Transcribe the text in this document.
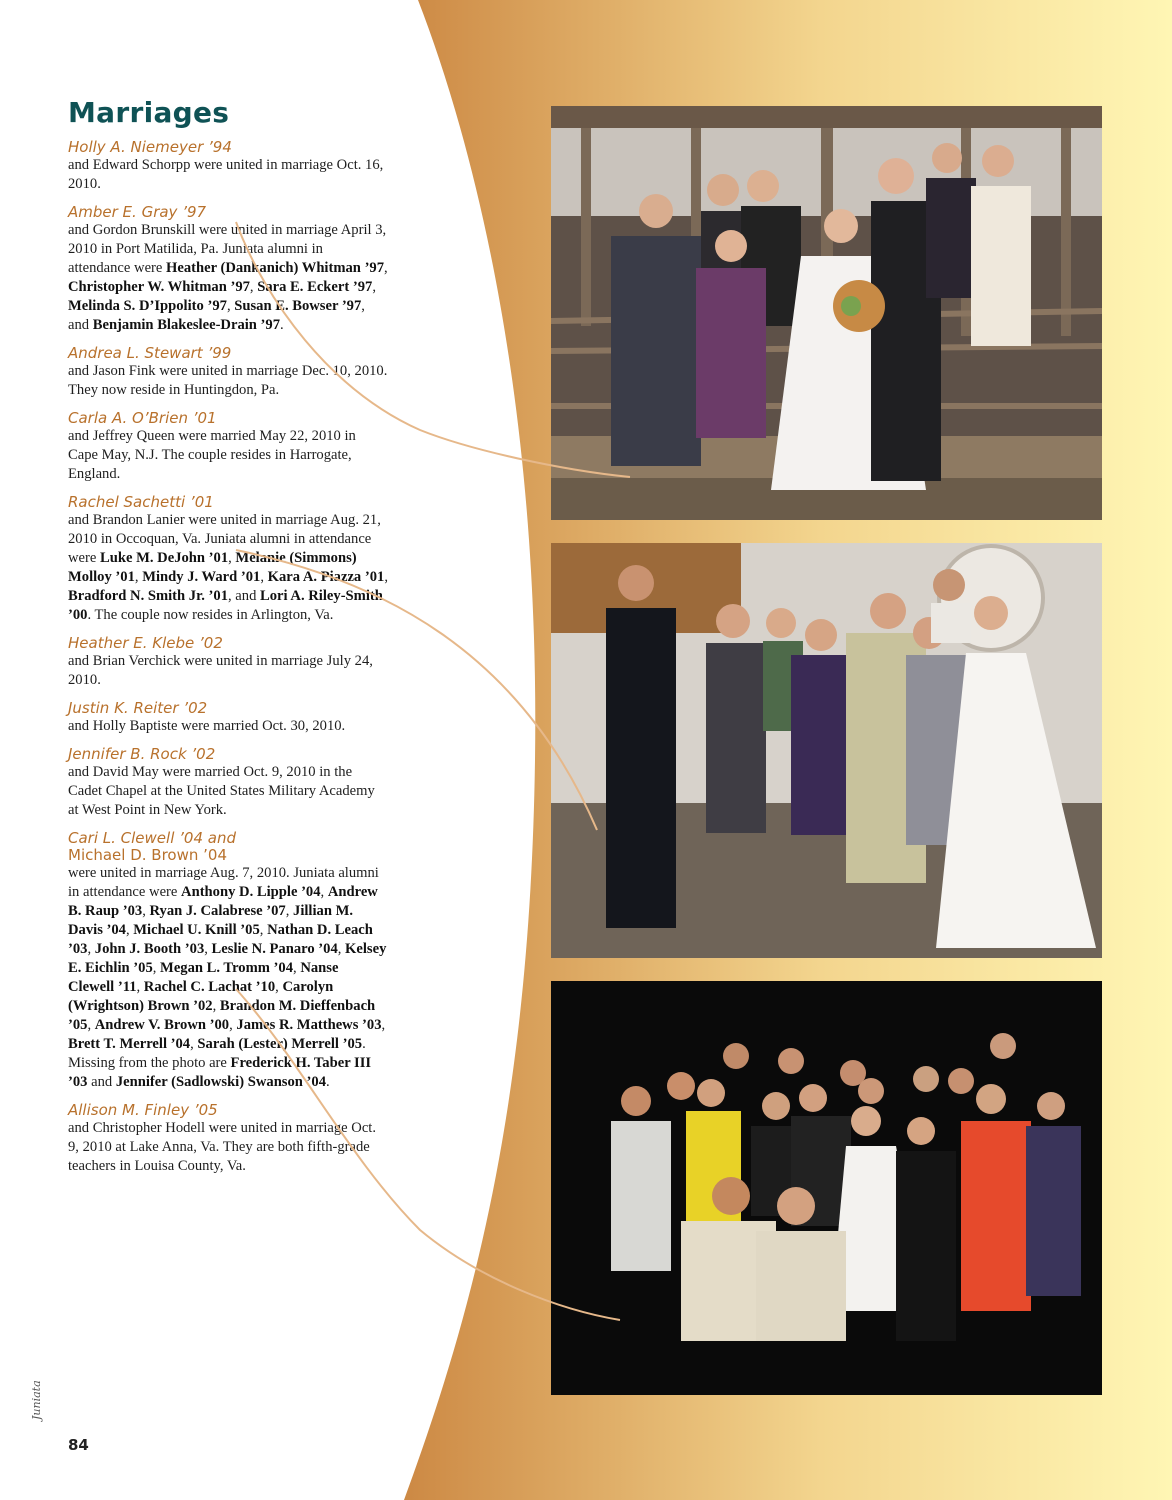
Marriages
Holly A. Niemeyer ’94
and Edward Schorpp were united in marriage Oct. 16, 2010.
Amber E. Gray ’97
and Gordon Brunskill were united in marriage April 3, 2010 in Port Matilida, Pa. Juniata alumni in attendance were Heather (Dankanich) Whitman ’97, Christopher W. Whitman ’97, Sara E. Eckert ’97, Melinda S. D’Ippolito ’97, Susan E. Bowser ’97, and Benjamin Blakeslee-Drain ’97.
Andrea L. Stewart ’99
and Jason Fink were united in marriage Dec. 10, 2010. They now reside in Huntingdon, Pa.
Carla A. O’Brien ’01
and Jeffrey Queen were married May 22, 2010 in Cape May, N.J. The couple resides in Harrogate, England.
Rachel Sachetti ’01
and Brandon Lanier were united in marriage Aug. 21, 2010 in Occoquan, Va. Juniata alumni in attendance were Luke M. DeJohn ’01, Melanie (Simmons) Molloy ’01, Mindy J. Ward ’01, Kara A. Piazza ’01, Bradford N. Smith Jr. ’01, and Lori A. Riley-Smith ’00. The couple now resides in Arlington, Va.
Heather E. Klebe ’02
and Brian Verchick were united in marriage July 24, 2010.
Justin K. Reiter ’02
and Holly Baptiste were married Oct. 30, 2010.
Jennifer B. Rock ’02
and David May were married Oct. 9, 2010 in the Cadet Chapel at the United States Military Academy at West Point in New York.
Cari L. Clewell ’04 and
Michael D. Brown ’04
were united in marriage Aug. 7, 2010. Juniata alumni in attendance were Anthony D. Lipple ’04, Andrew B. Raup ’03, Ryan J. Calabrese ’07, Jillian M. Davis ’04, Michael U. Knill ’05, Nathan D. Leach ’03, John J. Booth ’03, Leslie N. Panaro ’04, Kelsey E. Eichlin ’05, Megan L. Tromm ’04, Nanse Clewell ’11, Rachel C. Lachat ’10, Carolyn (Wrightson) Brown ’02, Brandon M. Dieffenbach ’05, Andrew V. Brown ’00, James R. Matthews ’03, Brett T. Merrell ’04, Sarah (Lester) Merrell ’05. Missing from the photo are Frederick H. Taber III ’03 and Jennifer (Sadlowski) Swanson ’04.
Allison M. Finley ’05
and Christopher Hodell were united in marriage Oct. 9, 2010 at Lake Anna, Va. They are both fifth-grade teachers in Louisa County, Va.
Juniata
84
